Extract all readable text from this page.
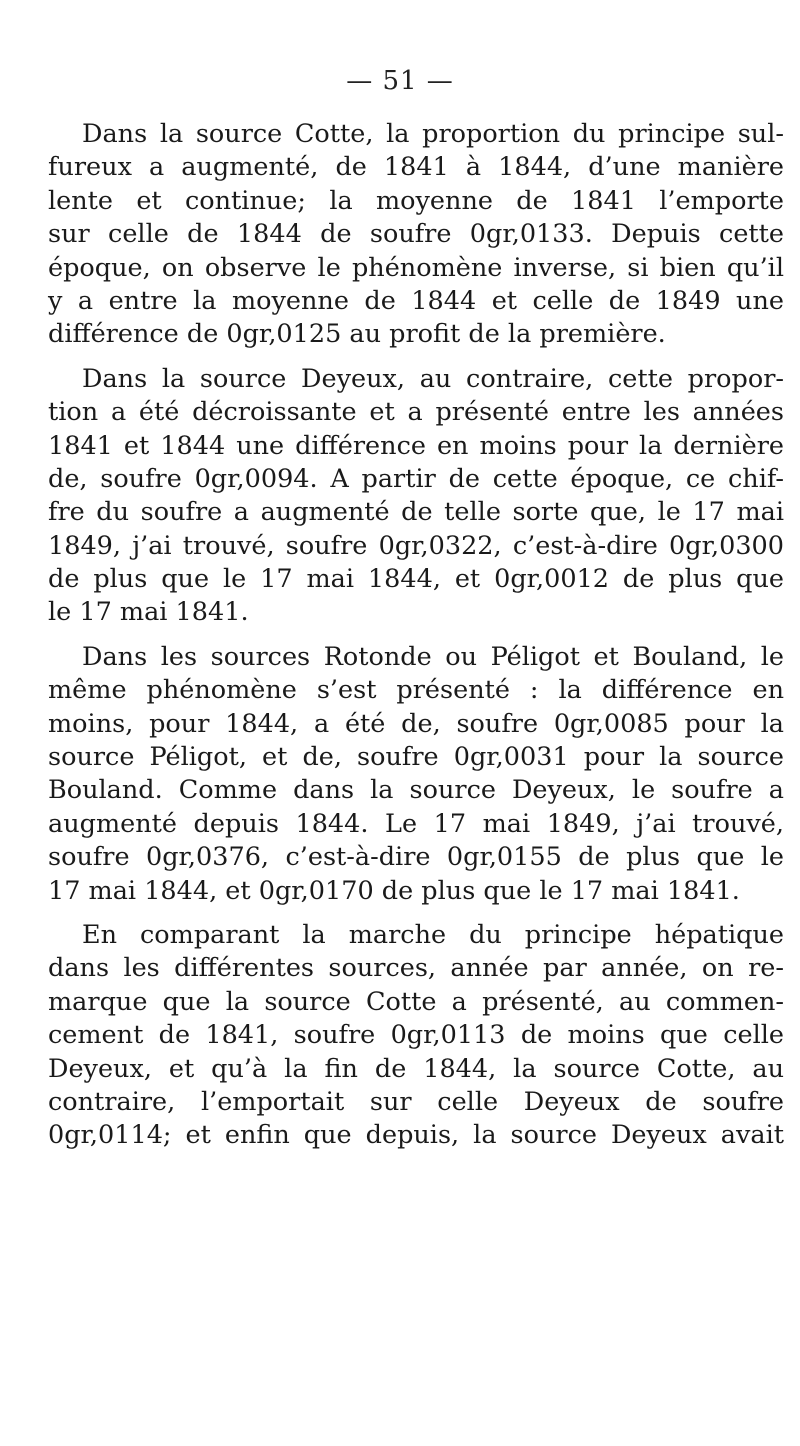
— 51 —
Dans la source Cotte, la proportion du principe sul-
fureux a augmenté, de 1841 à 1844, d’une manière
lente et continue; la moyenne de 1841 l’emporte
sur celle de 1844 de soufre 0gr,0133. Depuis cette
époque, on observe le phénomène inverse, si bien qu’il
y a entre la moyenne de 1844 et celle de 1849 une
différence de 0gr,0125 au profit de la première.
Dans la source Deyeux, au contraire, cette propor-
tion a été décroissante et a présenté entre les années
1841 et 1844 une différence en moins pour la dernière
de, soufre 0gr,0094. A partir de cette époque, ce chif-
fre du soufre a augmenté de telle sorte que, le 17 mai
1849, j’ai trouvé, soufre 0gr,0322, c’est-à-dire 0gr,0300
de plus que le 17 mai 1844, et 0gr,0012 de plus que
le 17 mai 1841.
Dans les sources Rotonde ou Péligot et Bouland, le
même phénomène s’est présenté : la différence en
moins, pour 1844, a été de, soufre 0gr,0085 pour la
source Péligot, et de, soufre 0gr,0031 pour la source
Bouland. Comme dans la source Deyeux, le soufre a
augmenté depuis 1844. Le 17 mai 1849, j’ai trouvé,
soufre 0gr,0376, c’est-à-dire 0gr,0155 de plus que le
17 mai 1844, et 0gr,0170 de plus que le 17 mai 1841.
En comparant la marche du principe hépatique
dans les différentes sources, année par année, on re-
marque que la source Cotte a présenté, au commen-
cement de 1841, soufre 0gr,0113 de moins que celle
Deyeux, et qu’à la fin de 1844, la source Cotte, au
contraire, l’emportait sur celle Deyeux de soufre
0gr,0114; et enfin que depuis, la source Deyeux avait
